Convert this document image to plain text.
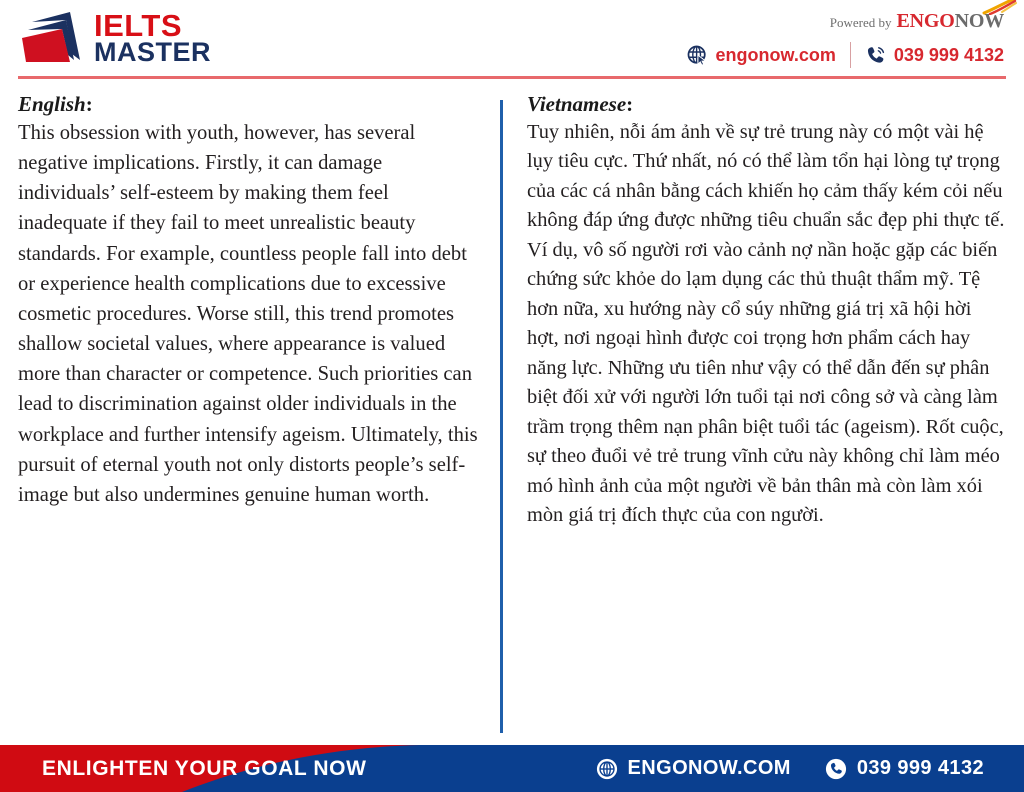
IELTS
MASTER
Powered by ENGONOW
engonow.com	039 999 4132
English:

This obsession with youth, however, has several negative implications. Firstly, it can damage individuals’ self-esteem by making them feel inadequate if they fail to meet unrealistic beauty standards. For example, countless people fall into debt or experience health complications due to excessive cosmetic procedures. Worse still, this trend promotes shallow societal values, where appearance is valued more than character or competence. Such priorities can lead to discrimination against older individuals in the workplace and further intensify ageism. Ultimately, this pursuit of eternal youth not only distorts people’s self-image but also undermines genuine human worth.

Vietnamese:

Tuy nhiên, nỗi ám ảnh về sự trẻ trung này có một vài hệ lụy tiêu cực. Thứ nhất, nó có thể làm tổn hại lòng tự trọng của các cá nhân bằng cách khiến họ cảm thấy kém cỏi nếu không đáp ứng được những tiêu chuẩn sắc đẹp phi thực tế. Ví dụ, vô số người rơi vào cảnh nợ nần hoặc gặp các biến chứng sức khỏe do lạm dụng các thủ thuật thẩm mỹ. Tệ hơn nữa, xu hướng này cổ súy những giá trị xã hội hời hợt, nơi ngoại hình được coi trọng hơn phẩm cách hay năng lực. Những ưu tiên như vậy có thể dẫn đến sự phân biệt đối xử với người lớn tuổi tại nơi công sở và càng làm trầm trọng thêm nạn phân biệt tuổi tác (ageism). Rốt cuộc, sự theo đuổi vẻ trẻ trung vĩnh cửu này không chỉ làm méo mó hình ảnh của một người về bản thân mà còn làm xói mòn giá trị đích thực của con người.

ENLIGHTEN YOUR GOAL NOW	ENGONOW.COM	039 999 4132
